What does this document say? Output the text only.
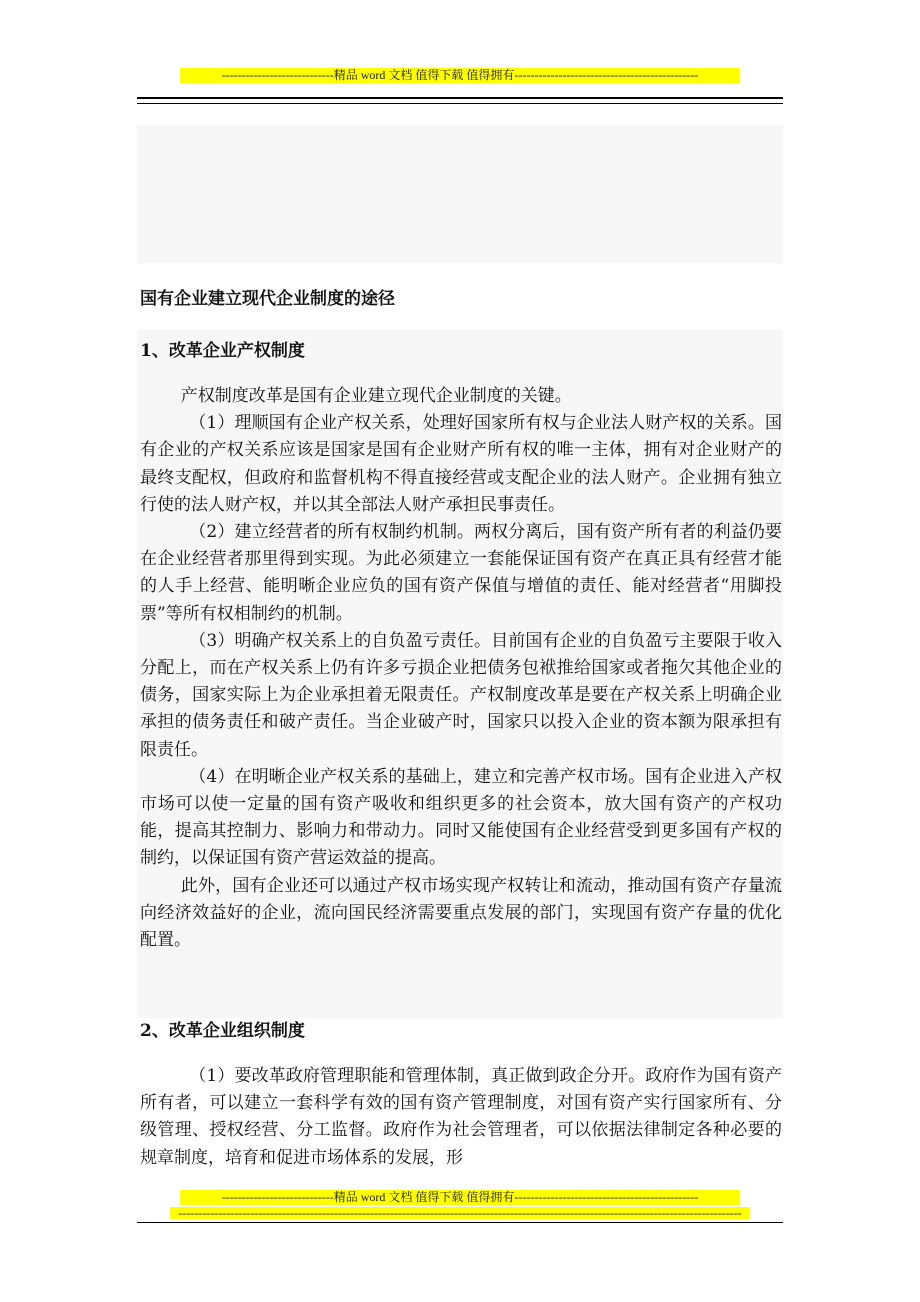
----------------------------精品 word 文档 值得下载 值得拥有----------------------------------------------

国有企业建立现代企业制度的途径

1、改革企业产权制度

产权制度改革是国有企业建立现代企业制度的关键。

（1）理顺国有企业产权关系，处理好国家所有权与企业法人财产权的关系。国有企业的产权关系应该是国家是国有企业财产所有权的唯一主体，拥有对企业财产的最终支配权，但政府和监督机构不得直接经营或支配企业的法人财产。企业拥有独立行使的法人财产权，并以其全部法人财产承担民事责任。

（2）建立经营者的所有权制约机制。两权分离后，国有资产所有者的利益仍要在企业经营者那里得到实现。为此必须建立一套能保证国有资产在真正具有经营才能的人手上经营、能明晰企业应负的国有资产保值与增值的责任、能对经营者“用脚投票”等所有权相制约的机制。

（3）明确产权关系上的自负盈亏责任。目前国有企业的自负盈亏主要限于收入分配上，而在产权关系上仍有许多亏损企业把债务包袱推给国家或者拖欠其他企业的债务，国家实际上为企业承担着无限责任。产权制度改革是要在产权关系上明确企业承担的债务责任和破产责任。当企业破产时，国家只以投入企业的资本额为限承担有限责任。

（4）在明晰企业产权关系的基础上，建立和完善产权市场。国有企业进入产权市场可以使一定量的国有资产吸收和组织更多的社会资本，放大国有资产的产权功能，提高其控制力、影响力和带动力。同时又能使国有企业经营受到更多国有产权的制约，以保证国有资产营运效益的提高。

此外，国有企业还可以通过产权市场实现产权转让和流动，推动国有资产存量流向经济效益好的企业，流向国民经济需要重点发展的部门，实现国有资产存量的优化配置。

2、改革企业组织制度

（1）要改革政府管理职能和管理体制，真正做到政企分开。政府作为国有资产所有者，可以建立一套科学有效的国有资产管理制度，对国有资产实行国家所有、分级管理、授权经营、分工监督。政府作为社会管理者，可以依据法律制定各种必要的规章制度，培育和促进市场体系的发展，形

----------------------------精品 word 文档 值得下载 值得拥有----------------------------------------------
---------------------------------------------------------------------------------------------------------------------------------------------
